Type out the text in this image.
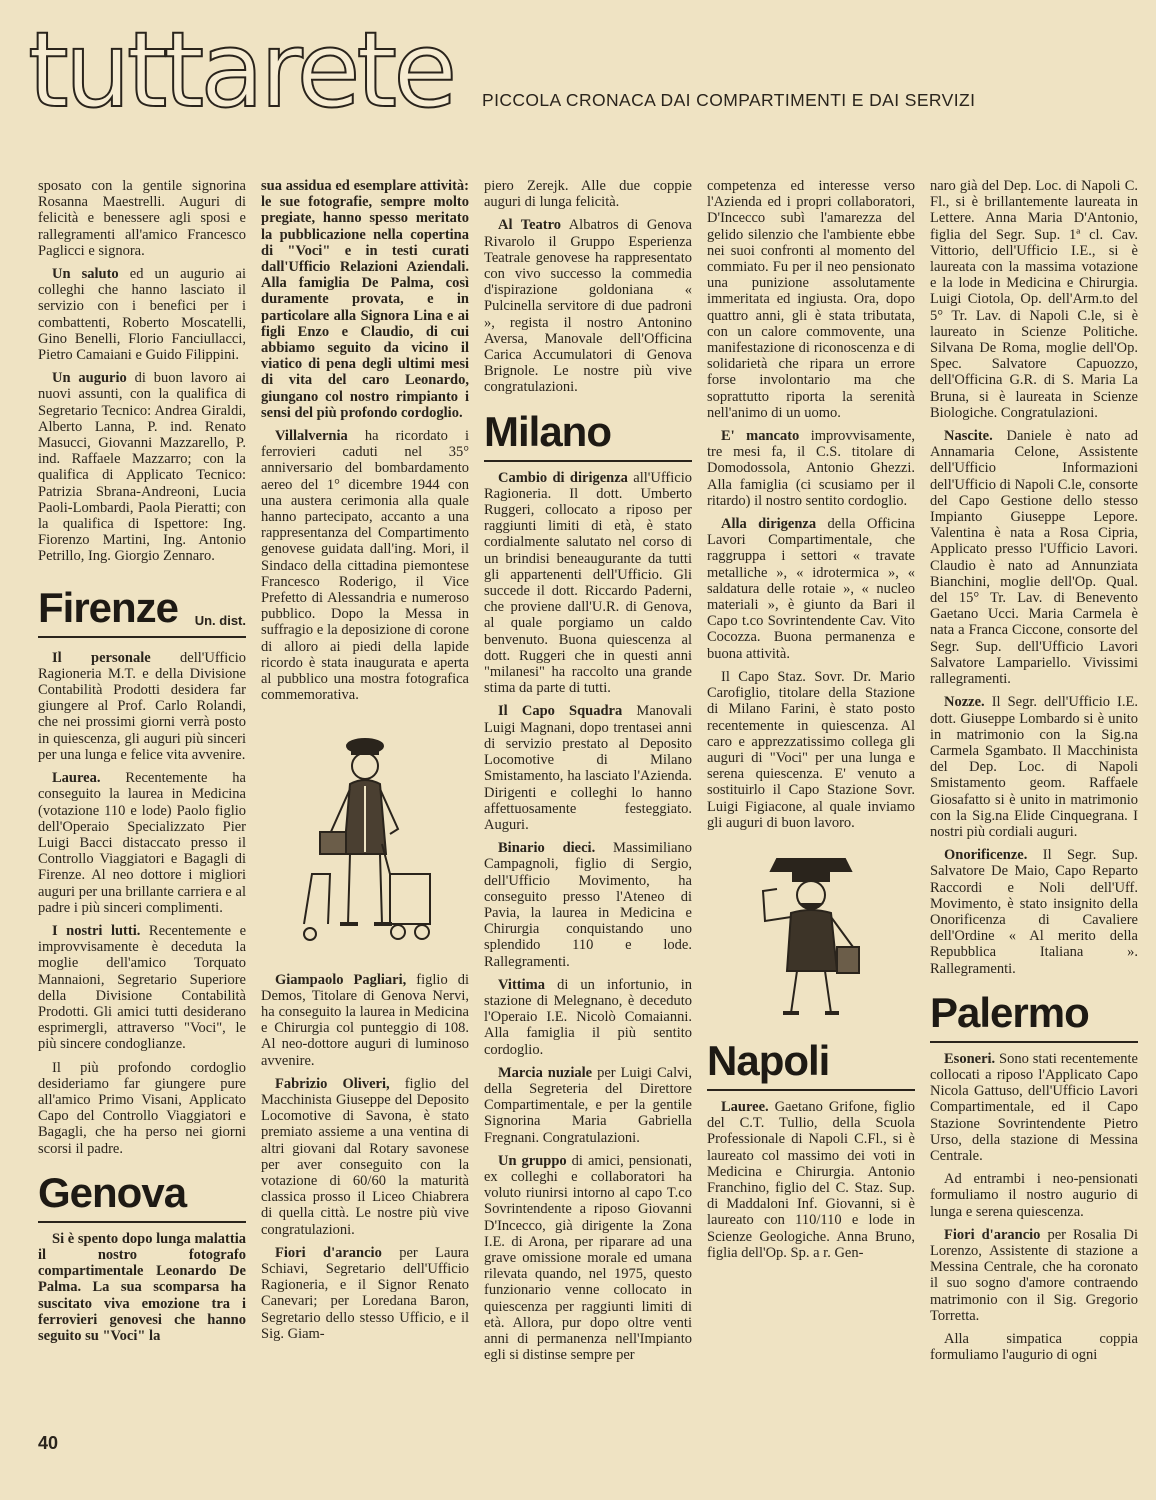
tuttarete PICCOLA CRONACA DAI COMPARTIMENTI E DAI SERVIZI

sposato con la gentile signorina Rosanna Maestrelli. Auguri di felicità e benessere agli sposi e rallegramenti all'amico Francesco Paglicci e signora.

Un saluto ed un augurio ai colleghi che hanno lasciato il servizio con i benefici per i combattenti, Roberto Moscatelli, Gino Benelli, Florio Fanciullacci, Pietro Camaiani e Guido Filippini.

Un augurio di buon lavoro ai nuovi assunti, con la qualifica di Segretario Tecnico: Andrea Giraldi, Alberto Lanna, P. ind. Renato Masucci, Giovanni Mazzarello, P. ind. Raffaele Mazzarro; con la qualifica di Applicato Tecnico: Patrizia Sbrana-Andreoni, Lucia Paoli-Lombardi, Paola Pieratti; con la qualifica di Ispettore: Ing. Fiorenzo Martini, Ing. Antonio Petrillo, Ing. Giorgio Zennaro.

Firenze Un. dist.

Il personale dell'Ufficio Ragioneria M.T. e della Divisione Contabilità Prodotti desidera far giungere al Prof. Carlo Rolandi, che nei prossimi giorni verrà posto in quiescenza, gli auguri più sinceri per una lunga e felice vita avvenire.

Laurea. Recentemente ha conseguito la laurea in Medicina (votazione 110 e lode) Paolo figlio dell'Operaio Specializzato Pier Luigi Bacci distaccato presso il Controllo Viaggiatori e Bagagli di Firenze. Al neo dottore i migliori auguri per una brillante carriera e al padre i più sinceri complimenti.

I nostri lutti. Recentemente e improvvisamente è deceduta la moglie dell'amico Torquato Mannaioni, Segretario Superiore della Divisione Contabilità Prodotti. Gli amici tutti desiderano esprimergli, attraverso "Voci", le più sincere condoglianze.

Il più profondo cordoglio desideriamo far giungere pure all'amico Primo Visani, Applicato Capo del Controllo Viaggiatori e Bagagli, che ha perso nei giorni scorsi il padre.

Genova

Si è spento dopo lunga malattia il nostro fotografo compartimentale Leonardo De Palma. La sua scomparsa ha suscitato viva emozione tra i ferrovieri genovesi che hanno seguito su "Voci" la

sua assidua ed esemplare attività: le sue fotografie, sempre molto pregiate, hanno spesso meritato la pubblicazione nella copertina di "Voci" e in testi curati dall'Ufficio Relazioni Aziendali. Alla famiglia De Palma, così duramente provata, e in particolare alla Signora Lina e ai figli Enzo e Claudio, di cui abbiamo seguito da vicino il viatico di pena degli ultimi mesi di vita del caro Leonardo, giungano col nostro rimpianto i sensi del più profondo cordoglio.

Villalvernia ha ricordato i ferrovieri caduti nel 35° anniversario del bombardamento aereo del 1° dicembre 1944 con una austera cerimonia alla quale hanno partecipato, accanto a una rappresentanza del Compartimento genovese guidata dall'ing. Mori, il Sindaco della cittadina piemontese Francesco Roderigo, il Vice Prefetto di Alessandria e numeroso pubblico. Dopo la Messa in suffragio e la deposizione di corone di alloro ai piedi della lapide ricordo è stata inaugurata e aperta al pubblico una mostra fotografica commemorativa.

Giampaolo Pagliari, figlio di Demos, Titolare di Genova Nervi, ha conseguito la laurea in Medicina e Chirurgia col punteggio di 108. Al neo-dottore auguri di luminoso avvenire.

Fabrizio Oliveri, figlio del Macchinista Giuseppe del Deposito Locomotive di Savona, è stato premiato assieme a una ventina di altri giovani dal Rotary savonese per aver conseguito con la votazione di 60/60 la maturità classica prosso il Liceo Chiabrera di quella città. Le nostre più vive congratulazioni.

Fiori d'arancio per Laura Schiavi, Segretario dell'Ufficio Ragioneria, e il Signor Renato Canevari; per Loredana Baron, Segretario dello stesso Ufficio, e il Sig. Giam-

piero Zerejk. Alle due coppie auguri di lunga felicità.

Al Teatro Albatros di Genova Rivarolo il Gruppo Esperienza Teatrale genovese ha rappresentato con vivo successo la commedia d'ispirazione goldoniana « Pulcinella servitore di due padroni », regista il nostro Antonino Aversa, Manovale dell'Officina Carica Accumulatori di Genova Brignole. Le nostre più vive congratulazioni.

Milano

Cambio di dirigenza all'Ufficio Ragioneria. Il dott. Umberto Ruggeri, collocato a riposo per raggiunti limiti di età, è stato cordialmente salutato nel corso di un brindisi beneaugurante da tutti gli appartenenti dell'Ufficio. Gli succede il dott. Riccardo Paderni, che proviene dall'U.R. di Genova, al quale porgiamo un caldo benvenuto. Buona quiescenza al dott. Ruggeri che in questi anni "milanesi" ha raccolto una grande stima da parte di tutti.

Il Capo Squadra Manovali Luigi Magnani, dopo trentasei anni di servizio prestato al Deposito Locomotive di Milano Smistamento, ha lasciato l'Azienda. Dirigenti e colleghi lo hanno affettuosamente festeggiato. Auguri.

Binario dieci. Massimiliano Campagnoli, figlio di Sergio, dell'Ufficio Movimento, ha conseguito presso l'Ateneo di Pavia, la laurea in Medicina e Chirurgia conquistando uno splendido 110 e lode. Rallegramenti.

Vittima di un infortunio, in stazione di Melegnano, è deceduto l'Operaio I.E. Nicolò Comaianni. Alla famiglia il più sentito cordoglio.

Marcia nuziale per Luigi Calvi, della Segreteria del Direttore Compartimentale, e per la gentile Signorina Maria Gabriella Fregnani. Congratulazioni.

Un gruppo di amici, pensionati, ex colleghi e collaboratori ha voluto riunirsi intorno al capo T.co Sovrintendente a riposo Giovanni D'Incecco, già dirigente la Zona I.E. di Arona, per riparare ad una grave omissione morale ed umana rilevata quando, nel 1975, questo funzionario venne collocato in quiescenza per raggiunti limiti di età. Allora, pur dopo oltre venti anni di permanenza nell'Impianto egli si distinse sempre per

competenza ed interesse verso l'Azienda ed i propri collaboratori, D'Incecco subì l'amarezza del gelido silenzio che l'ambiente ebbe nei suoi confronti al momento del commiato. Fu per il neo pensionato una punizione assolutamente immeritata ed ingiusta. Ora, dopo quattro anni, gli è stata tributata, con un calore commovente, una manifestazione di riconoscenza e di solidarietà che ripara un errore forse involontario ma che soprattutto riporta la serenità nell'animo di un uomo.

E' mancato improvvisamente, tre mesi fa, il C.S. titolare di Domodossola, Antonio Ghezzi. Alla famiglia (ci scusiamo per il ritardo) il nostro sentito cordoglio.

Alla dirigenza della Officina Lavori Compartimentale, che raggruppa i settori « travate metalliche », « idrotermica », « saldatura delle rotaie », « nucleo materiali », è giunto da Bari il Capo t.co Sovrintendente Cav. Vito Cocozza. Buona permanenza e buona attività.

Il Capo Staz. Sovr. Dr. Mario Carofiglio, titolare della Stazione di Milano Farini, è stato posto recentemente in quiescenza. Al caro e apprezzatissimo collega gli auguri di "Voci" per una lunga e serena quiescenza. E' venuto a sostituirlo il Capo Stazione Sovr. Luigi Figiacone, al quale inviamo gli auguri di buon lavoro.

Napoli

Lauree. Gaetano Grifone, figlio del C.T. Tullio, della Scuola Professionale di Napoli C.Fl., si è laureato col massimo dei voti in Medicina e Chirurgia. Antonio Franchino, figlio del C. Staz. Sup. di Maddaloni Inf. Giovanni, si è laureato con 110/110 e lode in Scienze Geologiche. Anna Bruno, figlia dell'Op. Sp. a r. Gen-

naro già del Dep. Loc. di Napoli C. Fl., si è brillantemente laureata in Lettere. Anna Maria D'Antonio, figlia del Segr. Sup. 1ª cl. Cav. Vittorio, dell'Ufficio I.E., si è laureata con la massima votazione e la lode in Medicina e Chirurgia. Luigi Ciotola, Op. dell'Arm.to del 5° Tr. Lav. di Napoli C.le, si è laureato in Scienze Politiche. Silvana De Roma, moglie dell'Op. Spec. Salvatore Capuozzo, dell'Officina G.R. di S. Maria La Bruna, si è laureata in Scienze Biologiche. Congratulazioni.

Nascite. Daniele è nato ad Annamaria Celone, Assistente dell'Ufficio Informazioni dell'Ufficio di Napoli C.le, consorte del Capo Gestione dello stesso Impianto Giuseppe Lepore. Valentina è nata a Rosa Cipria, Applicato presso l'Ufficio Lavori. Claudio è nato ad Annunziata Bianchini, moglie dell'Op. Qual. del 15° Tr. Lav. di Benevento Gaetano Ucci. Maria Carmela è nata a Franca Ciccone, consorte del Segr. Sup. dell'Ufficio Lavori Salvatore Lampariello. Vivissimi rallegramenti.

Nozze. Il Segr. dell'Ufficio I.E. dott. Giuseppe Lombardo si è unito in matrimonio con la Sig.na Carmela Sgambato. Il Macchinista del Dep. Loc. di Napoli Smistamento geom. Raffaele Giosafatto si è unito in matrimonio con la Sig.na Elide Cinquegrana. I nostri più cordiali auguri.

Onorificenze. Il Segr. Sup. Salvatore De Maio, Capo Reparto Raccordi e Noli dell'Uff. Movimento, è stato insignito della Onorificenza di Cavaliere dell'Ordine « Al merito della Repubblica Italiana ». Rallegramenti.

Palermo

Esoneri. Sono stati recentemente collocati a riposo l'Applicato Capo Nicola Gattuso, dell'Ufficio Lavori Compartimentale, ed il Capo Stazione Sovrintendente Pietro Urso, della stazione di Messina Centrale.

Ad entrambi i neo-pensionati formuliamo il nostro augurio di lunga e serena quiescenza.

Fiori d'arancio per Rosalia Di Lorenzo, Assistente di stazione a Messina Centrale, che ha coronato il suo sogno d'amore contraendo matrimonio con il Sig. Gregorio Torretta.

Alla simpatica coppia formuliamo l'augurio di ogni

40
